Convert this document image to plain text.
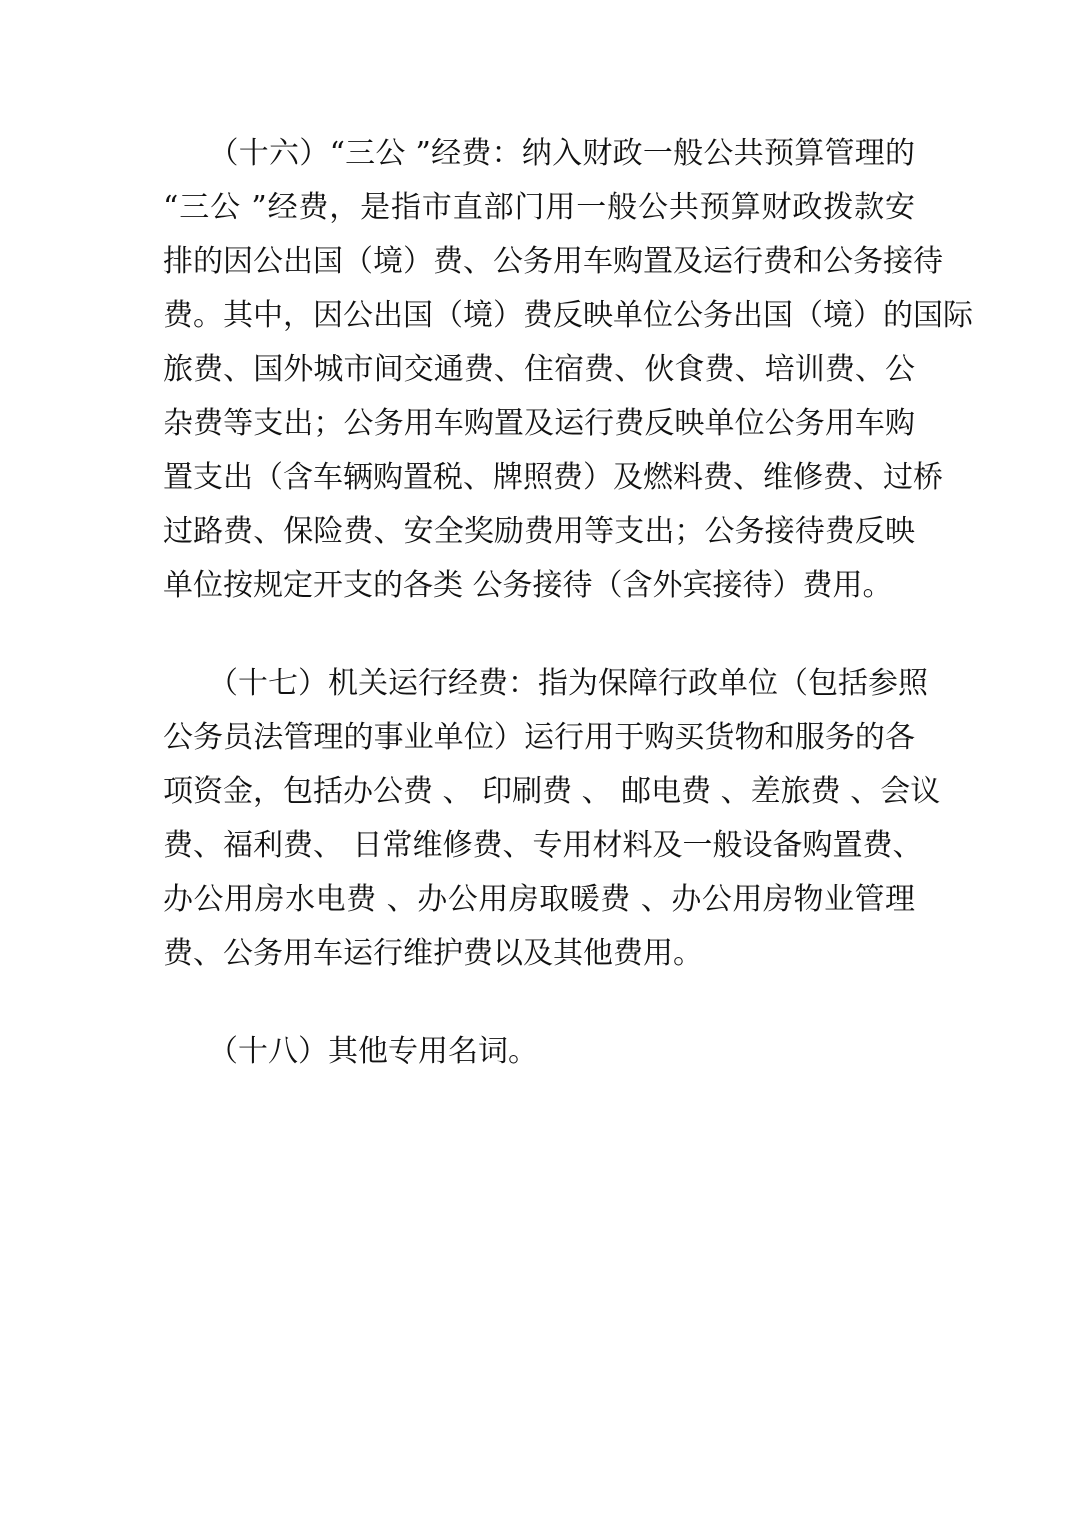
　　（十六）“三公 ”经费：纳入财政一般公共预算管理的
“三公 ”经费，是指市直部门用一般公共预算财政拨款安
排的因公出国（境）费、公务用车购置及运行费和公务接待
费。其中，因公出国（境）费反映单位公务出国（境）的国际
旅费、国外城市间交通费、住宿费、伙食费、培训费、公
杂费等支出；公务用车购置及运行费反映单位公务用车购
置支出（含车辆购置税、牌照费）及燃料费、维修费、过桥
过路费、保险费、安全奖励费用等支出；公务接待费反映
单位按规定开支的各类 公务接待（含外宾接待）费用。
　　（十七）机关运行经费：指为保障行政单位（包括参照
公务员法管理的事业单位）运行用于购买货物和服务的各
项资金，包括办公费 、 印刷费 、 邮电费 、差旅费 、会议
费、福利费、 日常维修费、专用材料及一般设备购置费、
办公用房水电费 、办公用房取暖费 、办公用房物业管理
费、公务用车运行维护费以及其他费用。
　　（十八）其他专用名词。
